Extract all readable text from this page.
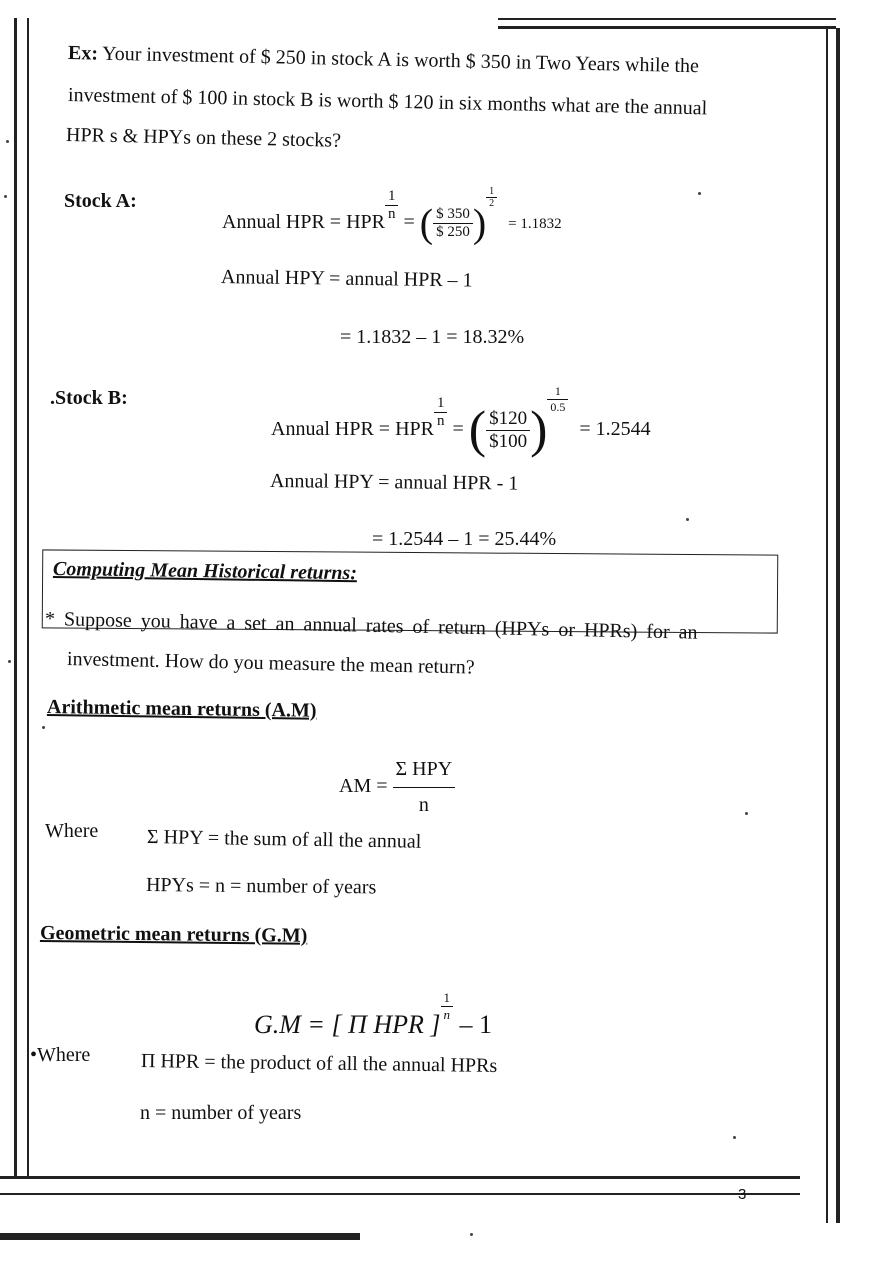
Ex: Your investment of $ 250 in stock A is worth $ 350 in Two Years while the
investment of $ 100 in stock B is worth $ 120 in six months what are the annual
HPR s & HPYs on these 2 stocks?
Stock A:
Annual HPR = HPR $\frac{1}{n}$ = ( $\frac{\$ 350}{\$ 250}$ )
$\frac{1}{2}$
= 1.1832
Annual HPY = annual HPR – 1
= 1.1832 – 1 = 18.32%
.Stock B:
Annual HPR = HPR $\frac{1}{n}$ = ( $\frac{\$120}{\$100}$ )
$\frac{1}{0.5}$
= 1.2544
Annual HPY = annual HPR - 1
= 1.2544 – 1 = 25.44%
Computing Mean Historical returns:
* Suppose you have a set an annual rates of return (HPYs or HPRs) for an
investment. How do you measure the mean return?
Arithmetic mean returns (A.M)
AM = $\frac{\text{Σ HPY}}{n}$
Where Σ HPY = the sum of all the annual
HPYs = n = number of years
Geometric mean returns (G.M)
G.M = [ Π HPR ]
$\frac{1}{n}$
– 1
•Where	Π HPR = the product of all the annual HPRs
n = number of years
3
